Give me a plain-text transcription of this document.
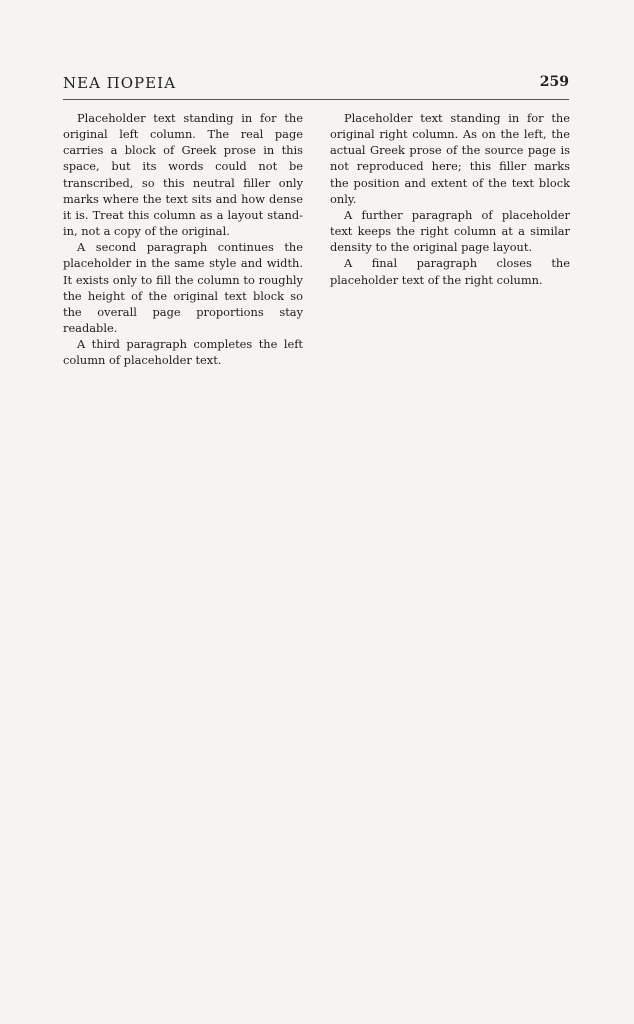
NEA ПОРЕІА	259

Placeholder text standing in for the original left column. The real page carries a block of Greek prose in this space, but its words could not be transcribed, so this neutral filler only marks where the text sits and how dense it is. Treat this column as a layout stand-in, not a copy of the original.

A second paragraph continues the placeholder in the same style and width. It exists only to fill the column to roughly the height of the original text block so the overall page proportions stay readable.

A third paragraph completes the left column of placeholder text.

Placeholder text standing in for the original right column. As on the left, the actual Greek prose of the source page is not reproduced here; this filler marks the position and extent of the text block only.

A further paragraph of placeholder text keeps the right column at a similar density to the original page layout.

A final paragraph closes the placeholder text of the right column.
